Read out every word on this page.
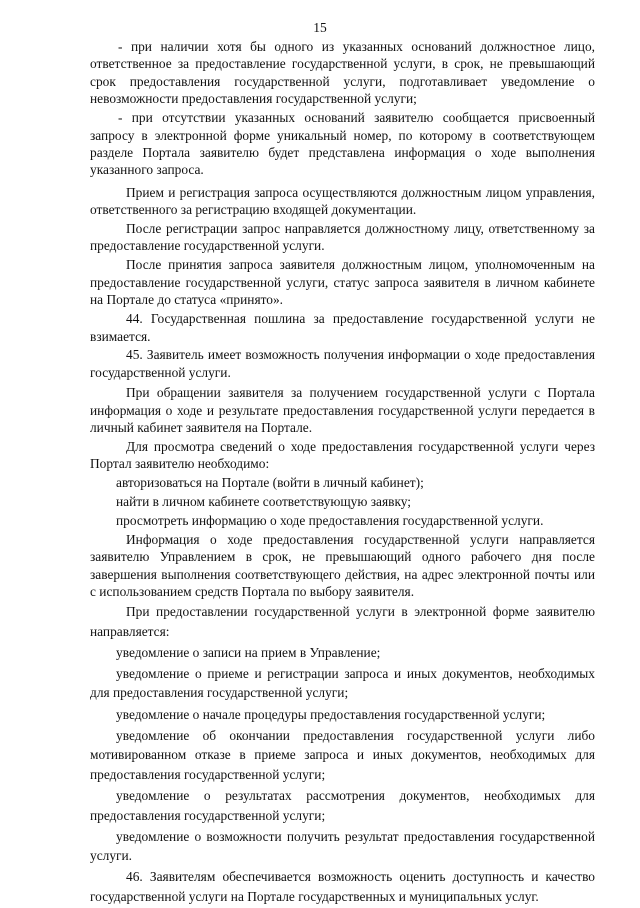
15

- при наличии хотя бы одного из указанных оснований должностное лицо, ответственное за предоставление государственной услуги, в срок, не превышающий срок предоставления государственной услуги, подготавливает уведомление о невозможности предоставления государственной услуги;

- при отсутствии указанных оснований заявителю сообщается присвоенный запросу в электронной форме уникальный номер, по которому в соответствующем разделе Портала заявителю будет представлена информация о ходе выполнения указанного запроса.

Прием и регистрация запроса осуществляются должностным лицом управления, ответственного за регистрацию входящей документации.

После регистрации запрос направляется должностному лицу, ответственному за предоставление государственной услуги.

После принятия запроса заявителя должностным лицом, уполномоченным на предоставление государственной услуги, статус запроса заявителя в личном кабинете на Портале до статуса «принято».

44. Государственная пошлина за предоставление государственной услуги не взимается.

45. Заявитель имеет возможность получения информации о ходе предоставления государственной услуги.

При обращении заявителя за получением государственной услуги с Портала информация о ходе и результате предоставления государственной услуги передается в личный кабинет заявителя на Портале.

Для просмотра сведений о ходе предоставления государственной услуги через Портал заявителю необходимо:

авторизоваться на Портале (войти в личный кабинет);

найти в личном кабинете соответствующую заявку;

просмотреть информацию о ходе предоставления государственной услуги.

Информация о ходе предоставления государственной услуги направляется заявителю Управлением в срок, не превышающий одного рабочего дня после завершения выполнения соответствующего действия, на адрес электронной почты или с использованием средств Портала по выбору заявителя.

При предоставлении государственной услуги в электронной форме заявителю направляется:

уведомление о записи на прием в Управление;

уведомление о приеме и регистрации запроса и иных документов, необходимых для предоставления государственной услуги;

уведомление о начале процедуры предоставления государственной услуги;

уведомление об окончании предоставления государственной услуги либо мотивированном отказе в приеме запроса и иных документов, необходимых для предоставления государственной услуги;

уведомление о результатах рассмотрения документов, необходимых для предоставления государственной услуги;

уведомление о возможности получить результат предоставления государственной услуги.

46. Заявителям обеспечивается возможность оценить доступность и качество государственной услуги на Портале государственных и муниципальных услуг.
